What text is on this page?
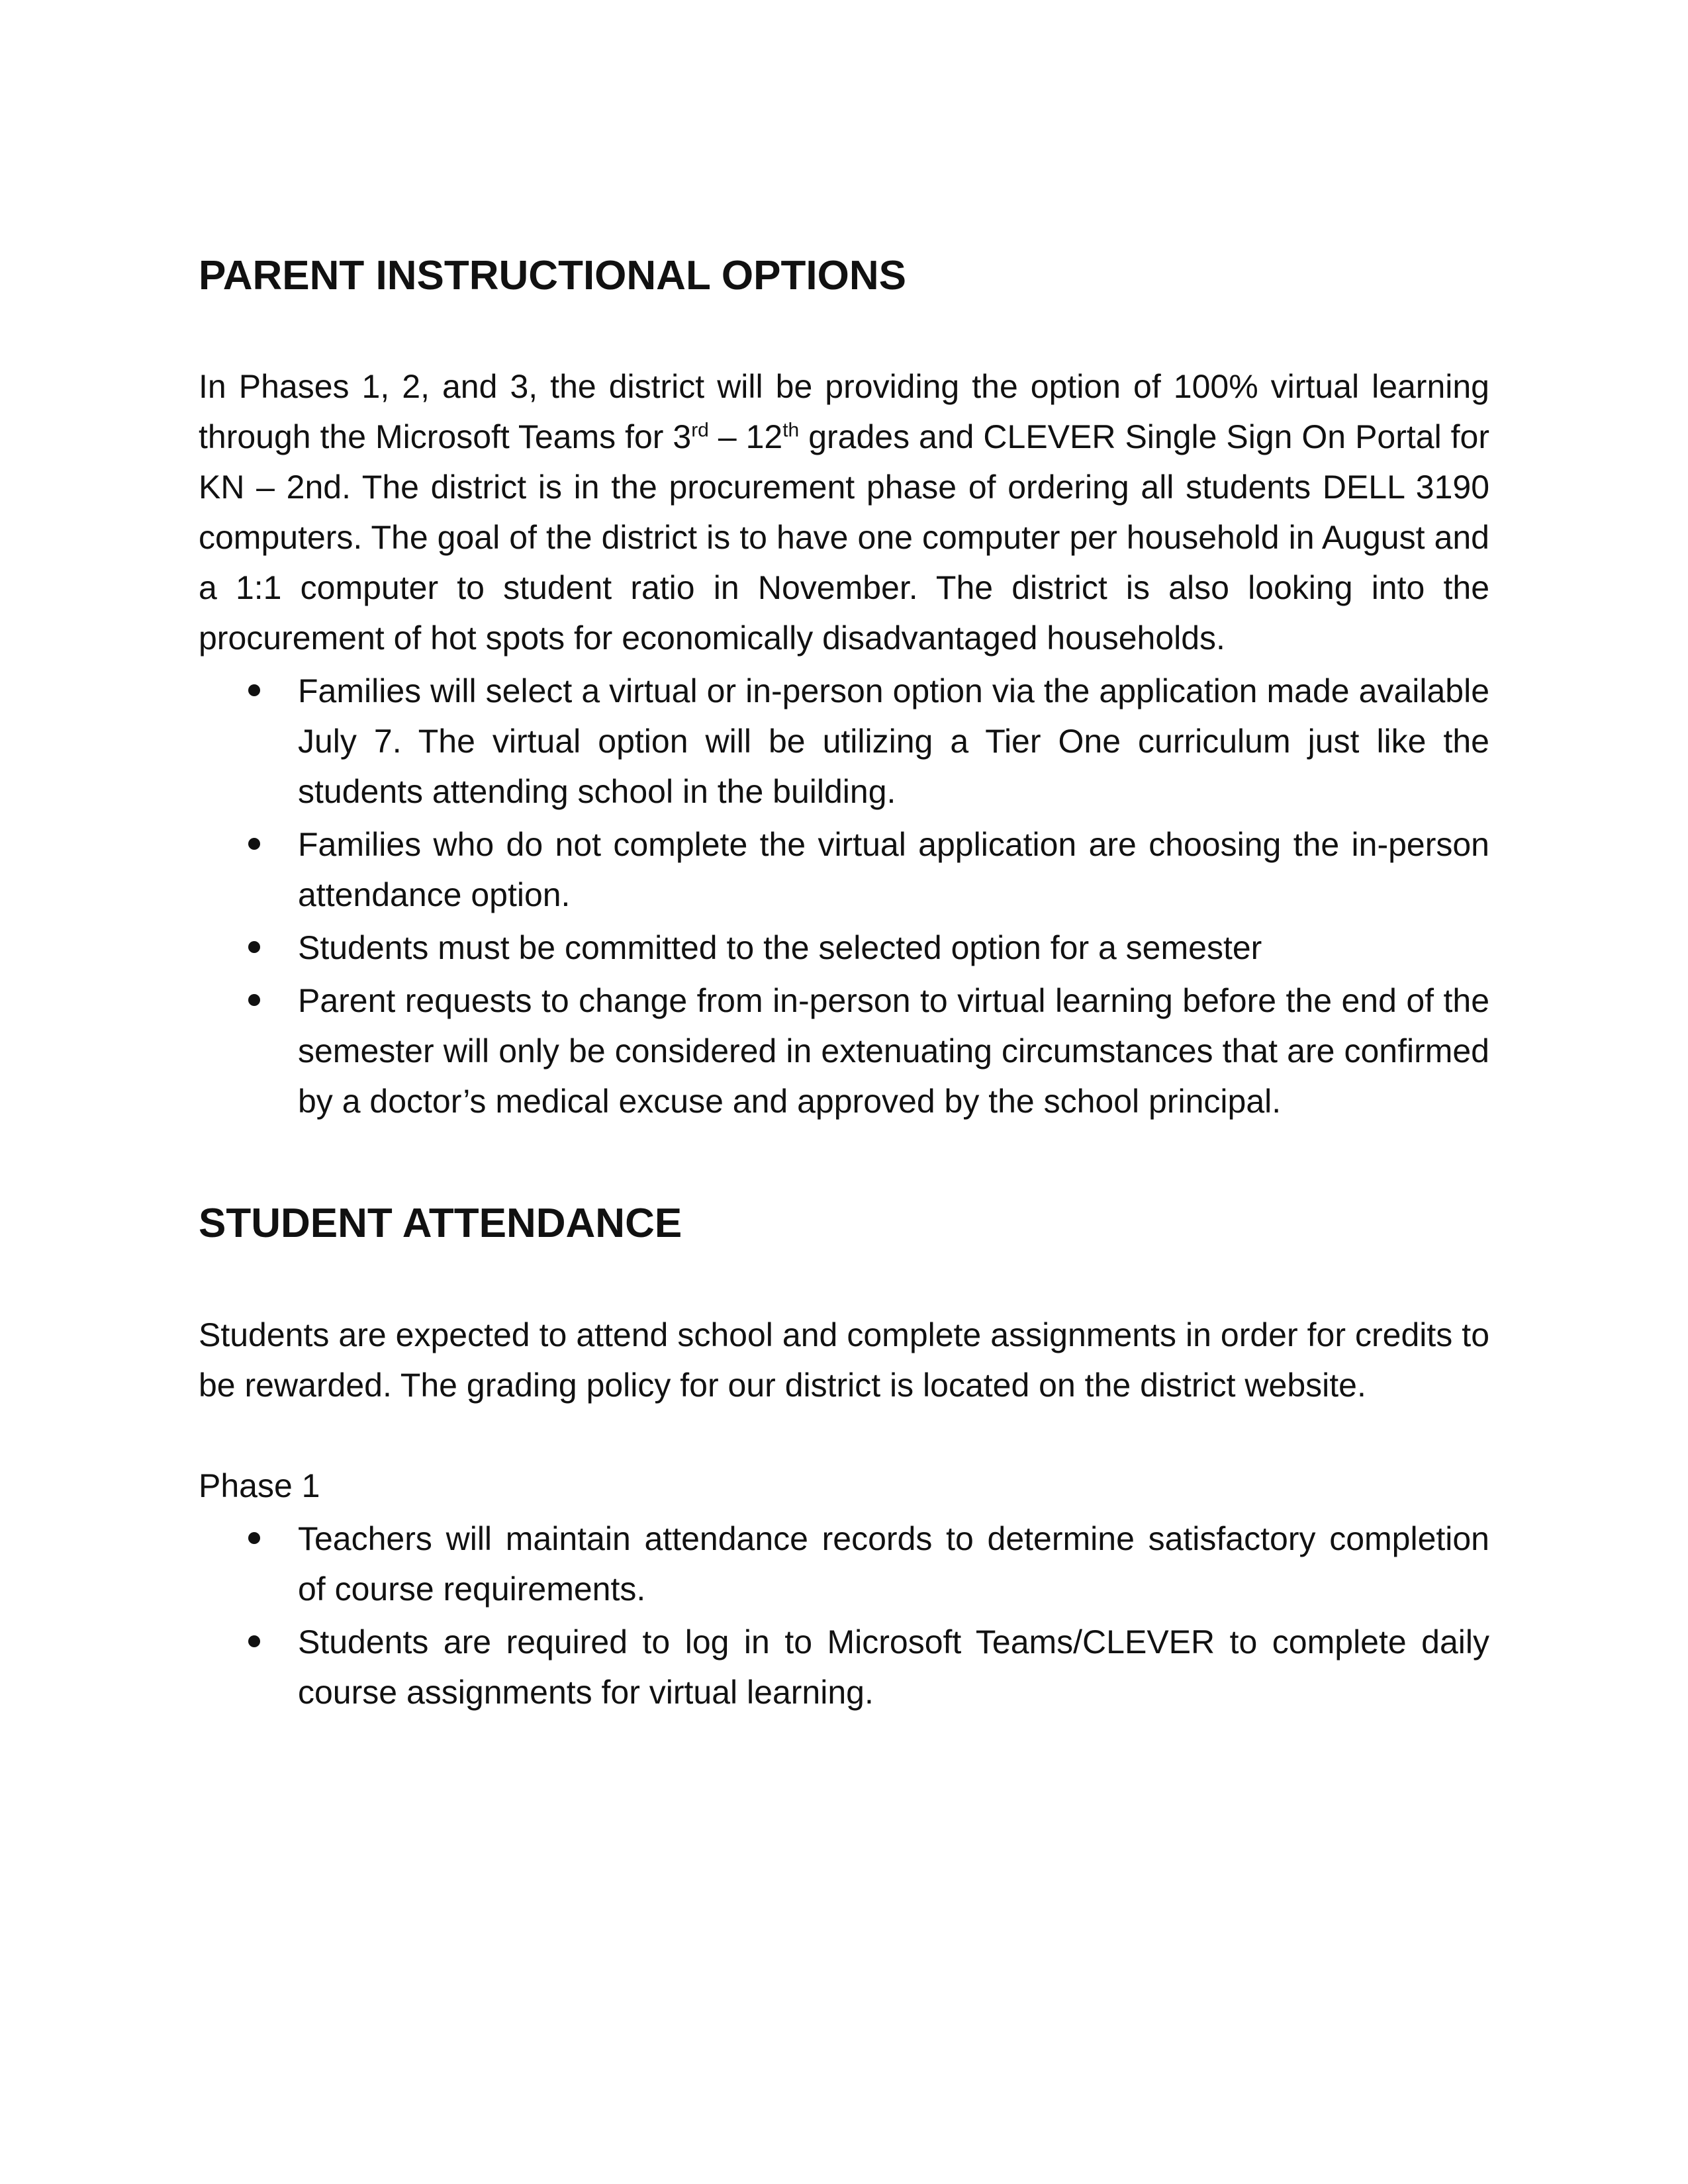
PARENT INSTRUCTIONAL OPTIONS

In Phases 1, 2, and 3, the district will be providing the option of 100% virtual learning through the Microsoft Teams for 3rd – 12th grades and CLEVER Single Sign On Portal for KN – 2nd. The district is in the procurement phase of ordering all students DELL 3190 computers. The goal of the district is to have one computer per household in August and a 1:1 computer to student ratio in November. The district is also looking into the procurement of hot spots for economically disadvantaged households.

Families will select a virtual or in-person option via the application made available July 7. The virtual option will be utilizing a Tier One curriculum just like the students attending school in the building.
Families who do not complete the virtual application are choosing the in-person attendance option.
Students must be committed to the selected option for a semester
Parent requests to change from in-person to virtual learning before the end of the semester will only be considered in extenuating circumstances that are confirmed by a doctor’s medical excuse and approved by the school principal.
STUDENT ATTENDANCE

Students are expected to attend school and complete assignments in order for credits to be rewarded. The grading policy for our district is located on the district website.

Phase 1

Teachers will maintain attendance records to determine satisfactory completion of course requirements.
Students are required to log in to Microsoft Teams/CLEVER to complete daily course assignments for virtual learning.
